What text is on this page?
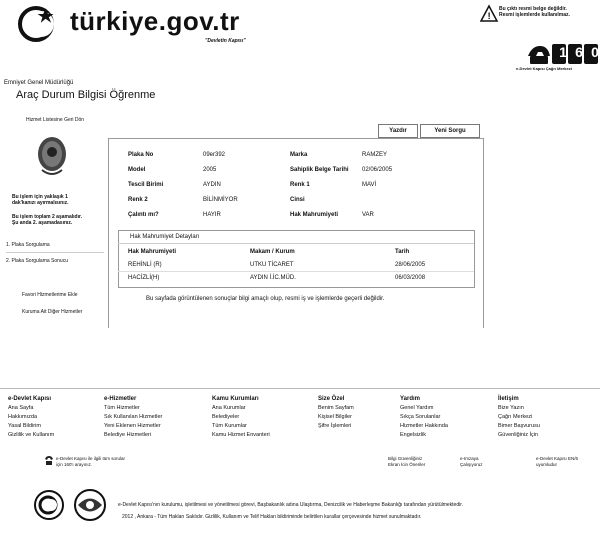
türkiye.gov.tr
"Devletin Kapısı"
!
Bu çıktı resmi belge değildir.
Resmi işlemlerde kullanılmaz.
1 6 0
e-Devlet Kapısı Çağrı Merkezi
Emniyet Genel Müdürlüğü
Araç Durum Bilgisi Öğrenme
Hizmet Listesine Geri Dön
Yazdır	Yeni Sorgu
Bu işlem için yaklaşık 1
dak'kanızı ayırmalısınız.
Bu işlem toplam 2 aşamalıdır.
Şu anda 2. aşamadasınız.
1. Plaka Sorgulama
2. Plaka Sorgulama Sonucu
Favori Hizmetlerime Ekle
Kuruma Ait Diğer Hizmetler
Plaka No	09er392	Marka	RAMZEY
Model	2005	Sahiplik Belge Tarihi 02/06/2005
Tescil Birimi	AYDIN	Renk 1	MAVİ
Renk 2	BİLİNMİYOR	Cinsi
Çalıntı mı?	HAYIR	Hak Mahrumiyeti	VAR
Hak Mahrumiyet Detayları
Hak Mahrumiyeti	Makam / Kurum	Tarih
REHİNLİ (R)	UTKU TİCARET	28/06/2005
HACİZLİ(H)	AYDIN İ.İC.MÜD.	06/03/2008
Bu sayfada görüntülenen sonuçlar bilgi amaçlı olup, resmi iş ve işlemlerde geçerli değildir.
e-Devlet Kapısı
Ana Sayfa
Hakkımızda
Yasal Bildirim
Gizlilik ve Kullanım
e-Hizmetler
Tüm Hizmetler
Sık Kullanılan Hizmetler
Yeni Eklenen Hizmetler
Belediye Hizmetleri
Kamu Kurumları
Ana Kurumlar
Belediyeler
Tüm Kurumlar
Kamu Hizmet Envanteri
Size Özel
Benim Sayfam
Kişisel Bilgiler
Şifre İşlemleri
Yardım
Genel Yardım
Sıkça Sorulanlar
Hizmetler Hakkında
Engelsizlik
İletişim
Bize Yazın
Çağrı Merkezi
Bimer Başvurusu
Güvenliğiniz İçin
e-Devlet Kapısı ile ilgili tüm sorular
için 160'ı arayınız.
Bilgi Güvenliğiniz
Ekran İcin Öneriler
e-Imzaya
Çalışıyoruz
e-Devlet Kapısı EN/6
uyumludur
e-Devlet Kapısı'nın kurulumu, işletilmesi ve yönetilmesi görevi, Başbakanlık adına Ulaştırma, Denizcilik ve Haberleşme Bakanlığı tarafından yürütülmektedir.
2012 , Ankara - Tüm Hakları Saklıdır. Gizlilik, Kullanım ve Telif Hakları bildiriminde belirtilen kurallar çerçevesinde hizmet sunulmaktadır.
